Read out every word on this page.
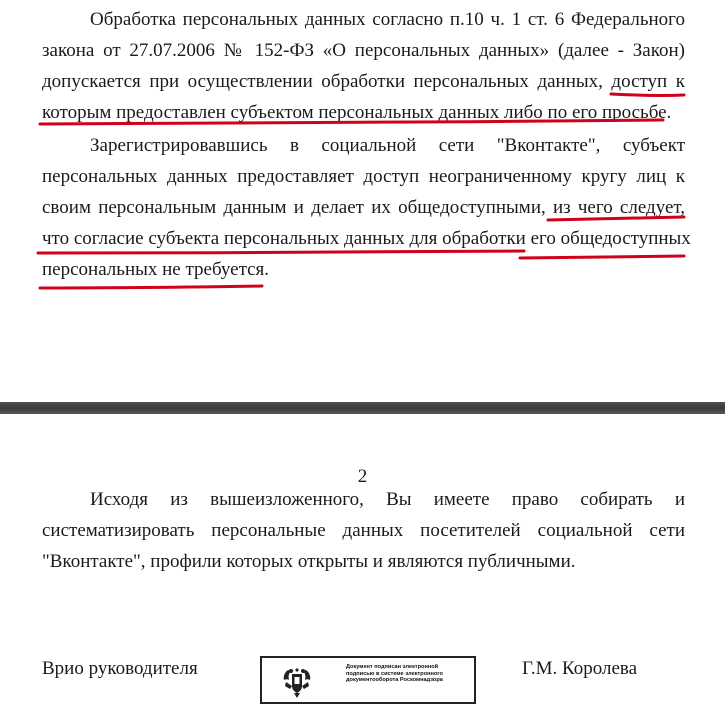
Обработка персональных данных согласно п.10 ч. 1 ст. 6 Федерального
закона от 27.07.2006 № 152-ФЗ «О персональных данных» (далее - Закон)
допускается при осуществлении обработки персональных данных, доступ к
которым предоставлен субъектом персональных данных либо по его просьбе.
Зарегистрировавшись в социальной сети "Вконтакте", субъект
персональных данных предоставляет доступ неограниченному кругу лиц к
своим персональным данным и делает их общедоступными, из чего следует,
что согласие субъекта персональных данных для обработки его общедоступных
персональных не требуется.
2
Исходя из вышеизложенного, Вы имеете право собирать и
систематизировать персональные данных посетителей социальной сети
"Вконтакте", профили которых открыты и являются публичными.
Врио руководителя	Документ подписан электронной подписью в системе электронного документооборота Роскомнадзора
Г.М. Королева
